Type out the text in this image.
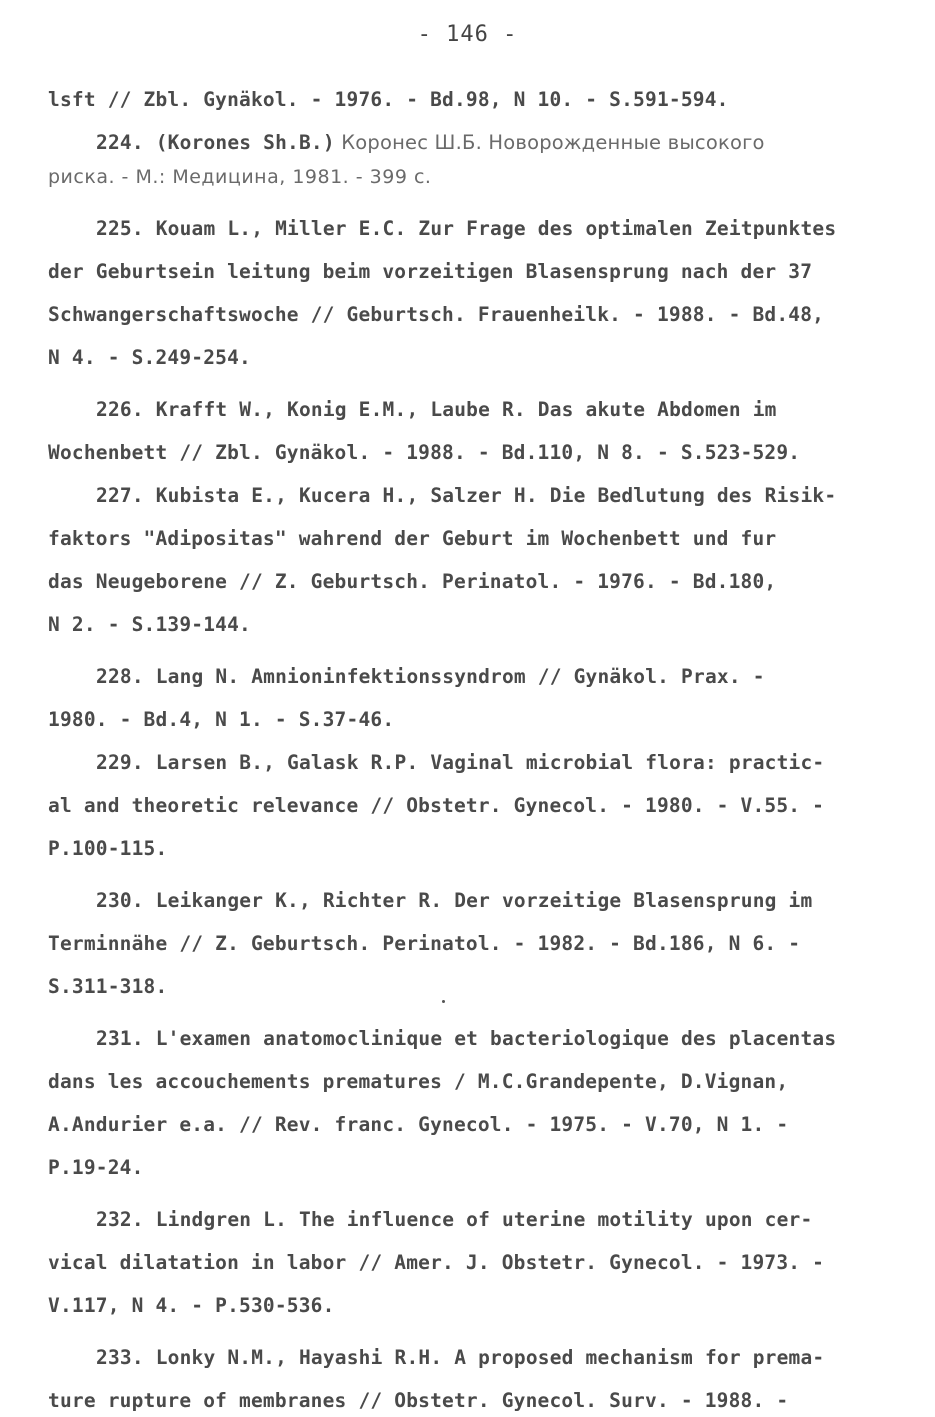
- 146 -
lsft // Zbl. Gynäkol. - 1976. - Bd.98, N 10. - S.591-594.
224. (Korones Sh.B.) Коронес Ш.Б. Новорожденные высокого
риска. - М.: Медицина, 1981. - 399 с.
225. Kouam L., Miller E.C. Zur Frage des optimalen Zeitpunktes
der Geburtsein leitung beim vorzeitigen Blasensprung nach der 37
Schwangerschaftswoche // Geburtsch. Frauenheilk. - 1988. - Bd.48,
N 4. - S.249-254.
226. Krafft W., Konig E.M., Laube R. Das akute Abdomen im
Wochenbett // Zbl. Gynäkol. - 1988. - Bd.110, N 8. - S.523-529.
227. Kubista E., Kucera H., Salzer H. Die Bedlutung des Risik-
faktors "Adipositas" wahrend der Geburt im Wochenbett und fur
das Neugeborene // Z. Geburtsch. Perinatol. - 1976. - Bd.180,
N 2. - S.139-144.
228. Lang N. Amnioninfektionssyndrom // Gynäkol. Prax. -
1980. - Bd.4, N 1. - S.37-46.
229. Larsen B., Galask R.P. Vaginal microbial flora: practic-
al and theoretic relevance // Obstetr. Gynecol. - 1980. - V.55. -
P.100-115.
230. Leikanger K., Richter R. Der vorzeitige Blasensprung im
Terminnähe // Z. Geburtsch. Perinatol. - 1982. - Bd.186, N 6. -
S.311-318.
231. L'examen anatomoclinique et bacteriologique des placentas
dans les accouchements prematures / M.C.Grandepente, D.Vignan,
A.Andurier e.a. // Rev. franc. Gynecol. - 1975. - V.70, N 1. -
P.19-24.
232. Lindgren L. The influence of uterine motility upon cer-
vical dilatation in labor // Amer. J. Obstetr. Gynecol. - 1973. -
V.117, N 4. - P.530-536.
233. Lonky N.M., Hayashi R.H. A proposed mechanism for prema-
ture rupture of membranes // Obstetr. Gynecol. Surv. - 1988. -
